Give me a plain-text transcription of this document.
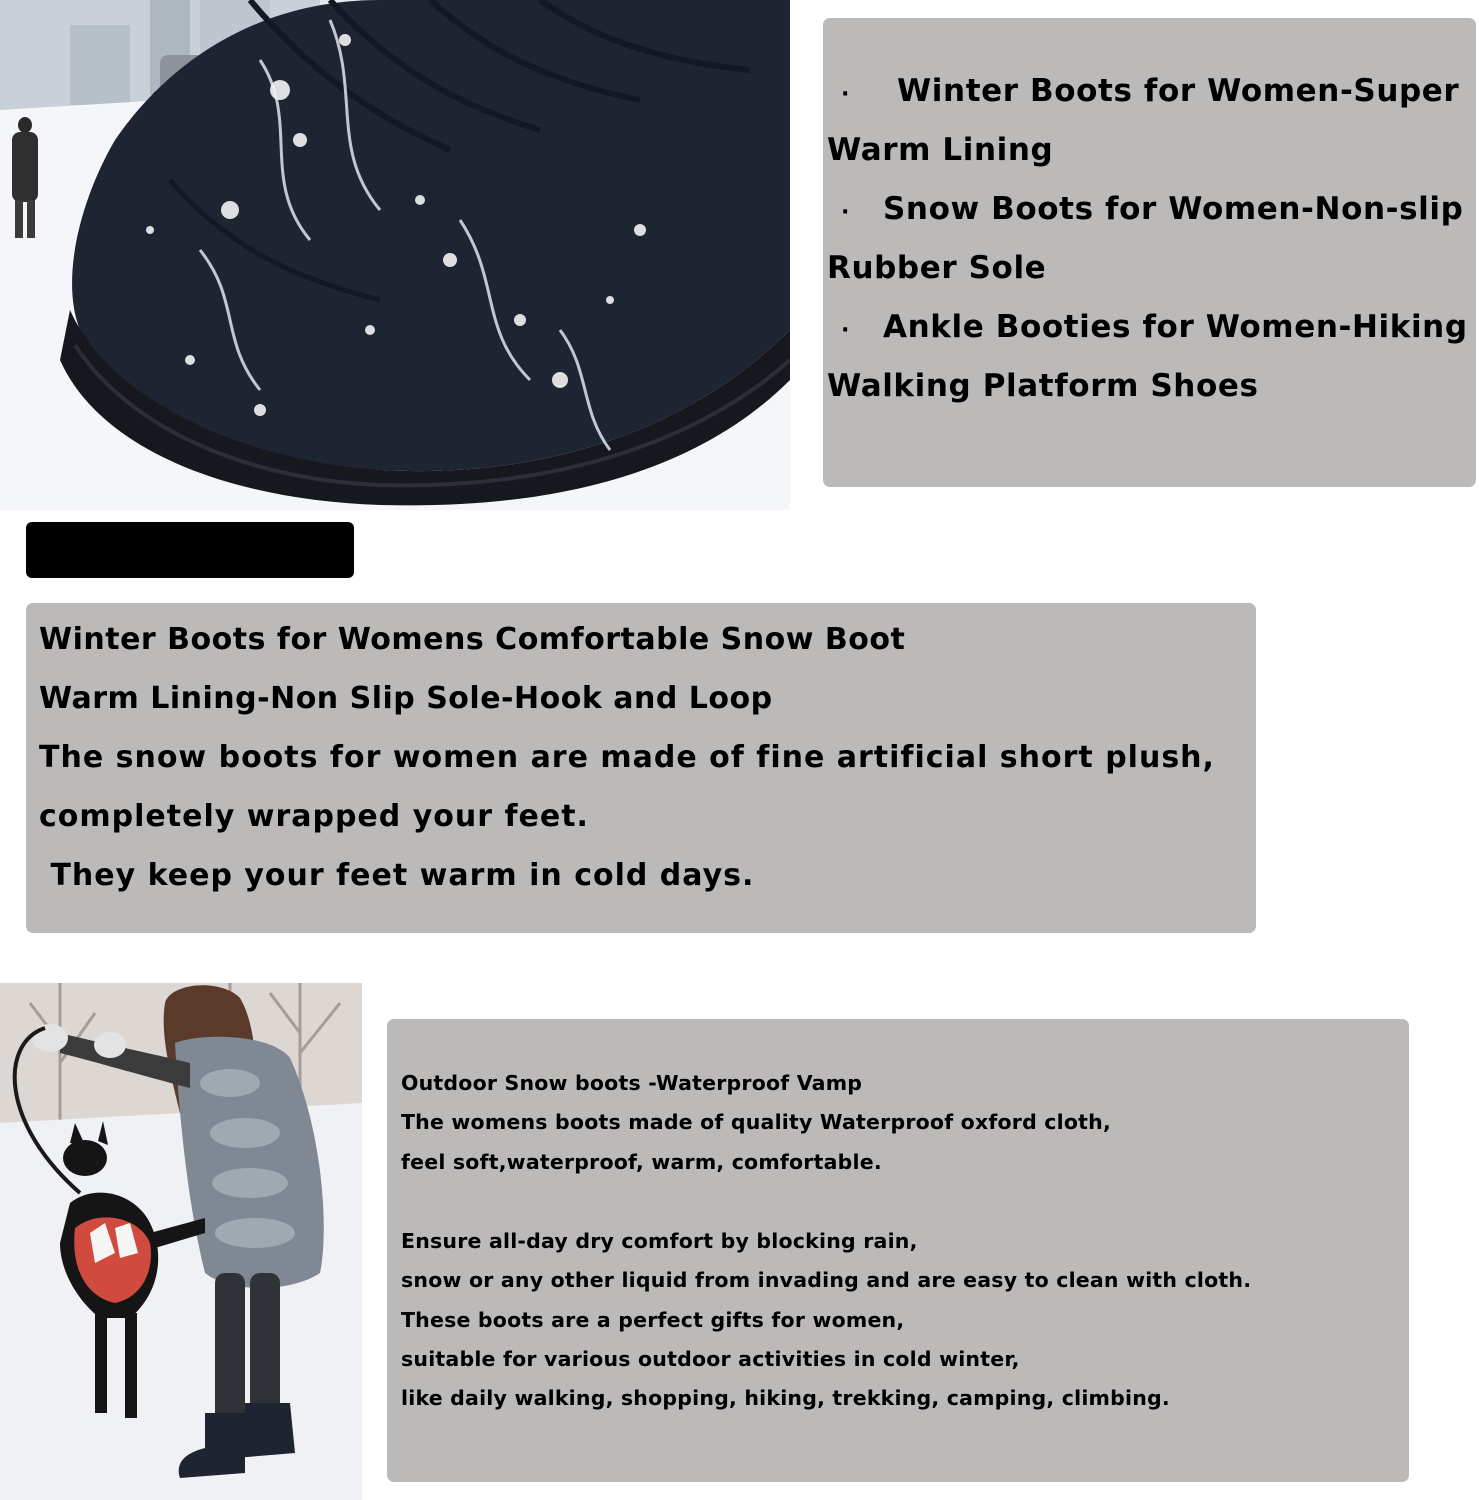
· Winter Boots for Women-Super
Warm Lining
· Snow Boots for Women-Non-slip
Rubber Sole
· Ankle Booties for Women-Hiking
Walking Platform Shoes
Winter Boots for Womens Comfortable Snow Boot
Warm Lining-Non Slip Sole-Hook and Loop
The snow boots for women are made of fine artificial short plush,
completely wrapped your feet.
They keep your feet warm in cold days.
Outdoor Snow boots -Waterproof Vamp
The womens boots made of quality Waterproof oxford cloth,
feel soft,waterproof, warm, comfortable.
Ensure all-day dry comfort by blocking rain,
snow or any other liquid from invading and are easy to clean with cloth.
These boots are a perfect gifts for women,
suitable for various outdoor activities in cold winter,
like daily walking, shopping, hiking, trekking, camping, climbing.
